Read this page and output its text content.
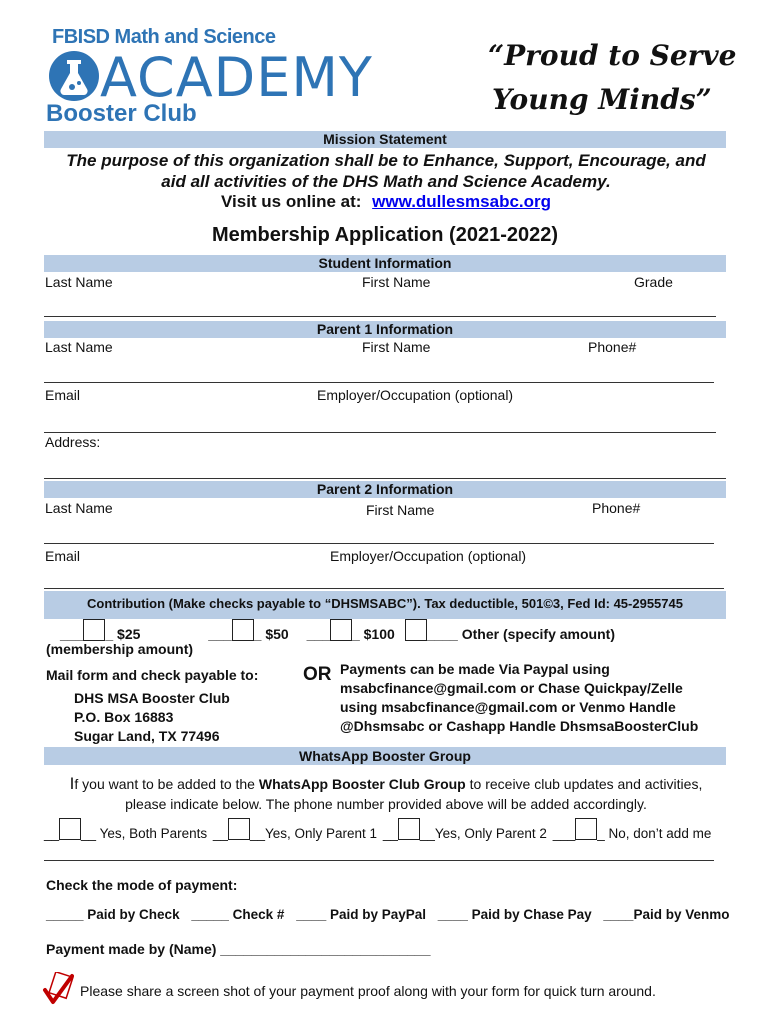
FBISD Math and Science
ACADEMY
Booster Club
“Proud to Serve
Young Minds”
Mission Statement
The purpose of this organization shall be to Enhance, Support, Encourage, and
aid all activities of the DHS Math and Science Academy.
Visit us online at: www.dullesmsabc.org
Membership Application (2021-2022)
Student Information
Last Name	First Name	Grade
Parent 1 Information
Last Name	First Name	Phone#
Email	Employer/Occupation (optional)
Address:
Parent 2 Information
Last Name	First Name	Phone#
Email	Employer/Occupation (optional)
Contribution (Make checks payable to “DHSMSABC”). Tax deductible, 501©3, Fed Id: 45-2955745
___ _ $25	___ _ $50 ___ _ $100 ____ Other (specify amount)
(membership amount)
Mail form and check payable to:
DHS MSA Booster Club
P.O. Box 16883
Sugar Land, TX 77496
OR Payments can be made Via Paypal using
msabcfinance@gmail.com or Chase Quickpay/Zelle
using msabcfinance@gmail.com or Venmo Handle
@Dhsmsabc or Cashapp Handle DhsmsaBoosterClub
WhatsApp Booster Group
If you want to be added to the WhatsApp Booster Club Group to receive club updates and activities,
please indicate below. The phone number provided above will be added accordingly.
__ __ Yes, Both Parents __ __Yes, Only Parent 1 __ __Yes, Only Parent 2 ___ _ No, don’t add me
Check the mode of payment:
_____ Paid by Check _____ Check # ____ Paid by PayPal ____ Paid by Chase Pay ____Paid by Venmo
Payment made by (Name) ___________________________
Please share a screen shot of your payment proof along with your form for quick turn around.
